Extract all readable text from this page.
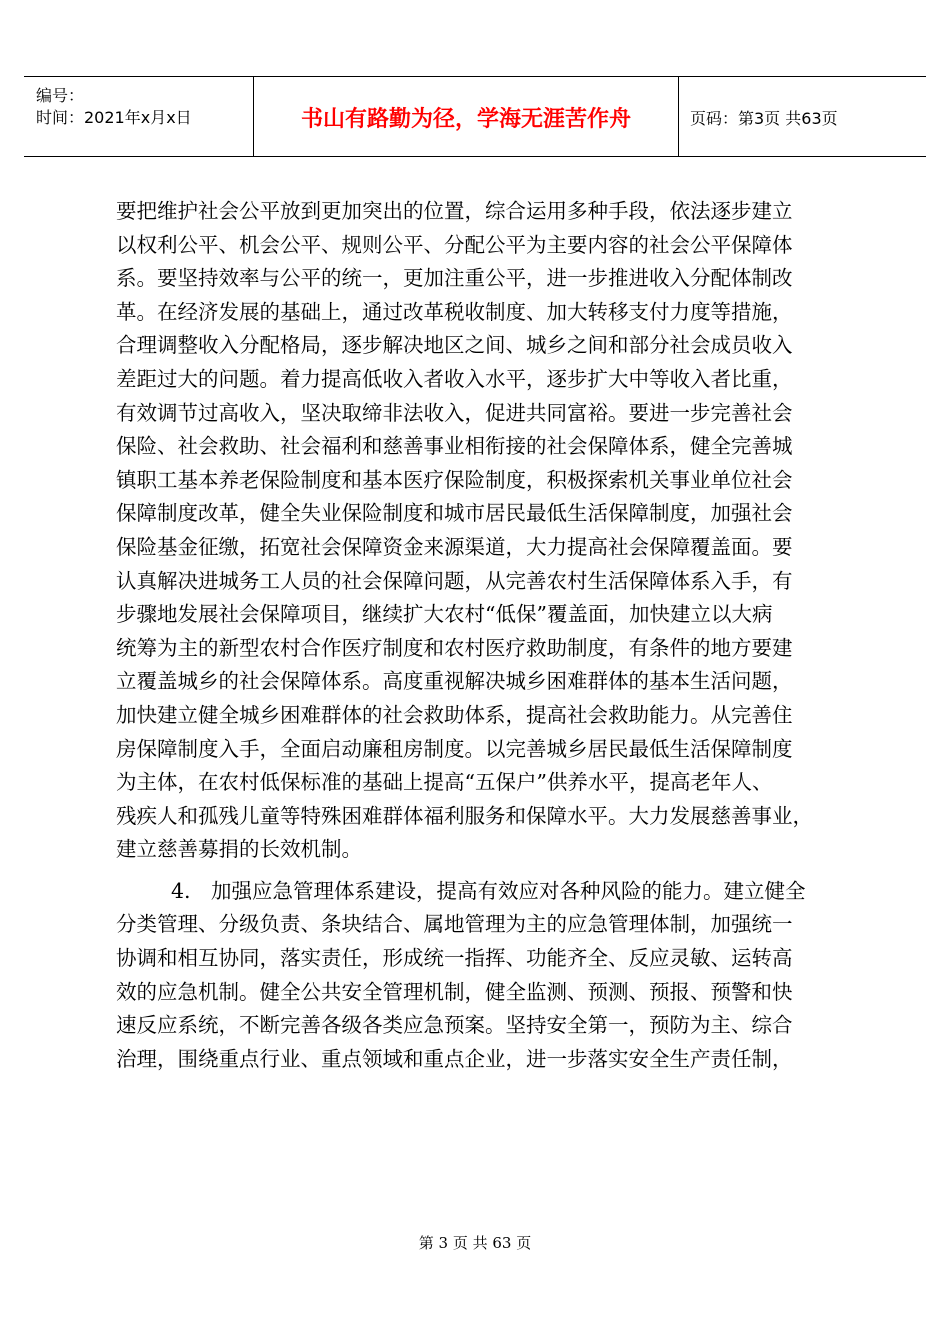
编号：
时间：2021年x月x日	书山有路勤为径，学海无涯苦作舟	页码：第3页 共63页
要把维护社会公平放到更加突出的位置，综合运用多种手段，依法逐步建立
以权利公平、机会公平、规则公平、分配公平为主要内容的社会公平保障体
系。要坚持效率与公平的统一，更加注重公平，进一步推进收入分配体制改
革。在经济发展的基础上，通过改革税收制度、加大转移支付力度等措施，
合理调整收入分配格局，逐步解决地区之间、城乡之间和部分社会成员收入
差距过大的问题。着力提高低收入者收入水平，逐步扩大中等收入者比重，
有效调节过高收入，坚决取缔非法收入，促进共同富裕。要进一步完善社会
保险、社会救助、社会福利和慈善事业相衔接的社会保障体系，健全完善城
镇职工基本养老保险制度和基本医疗保险制度，积极探索机关事业单位社会
保障制度改革，健全失业保险制度和城市居民最低生活保障制度，加强社会
保险基金征缴，拓宽社会保障资金来源渠道，大力提高社会保障覆盖面。要
认真解决进城务工人员的社会保障问题，从完善农村生活保障体系入手，有
步骤地发展社会保障项目，继续扩大农村“低保”覆盖面，加快建立以大病
统筹为主的新型农村合作医疗制度和农村医疗救助制度，有条件的地方要建
立覆盖城乡的社会保障体系。高度重视解决城乡困难群体的基本生活问题，
加快建立健全城乡困难群体的社会救助体系，提高社会救助能力。从完善住
房保障制度入手，全面启动廉租房制度。以完善城乡居民最低生活保障制度
为主体，在农村低保标准的基础上提高“五保户”供养水平，提高老年人、
残疾人和孤残儿童等特殊困难群体福利服务和保障水平。大力发展慈善事业，
建立慈善募捐的长效机制。
4.　加强应急管理体系建设，提高有效应对各种风险的能力。建立健全
分类管理、分级负责、条块结合、属地管理为主的应急管理体制，加强统一
协调和相互协同，落实责任，形成统一指挥、功能齐全、反应灵敏、运转高
效的应急机制。健全公共安全管理机制，健全监测、预测、预报、预警和快
速反应系统，不断完善各级各类应急预案。坚持安全第一，预防为主、综合
治理，围绕重点行业、重点领域和重点企业，进一步落实安全生产责任制，
第 3 页 共 63 页
